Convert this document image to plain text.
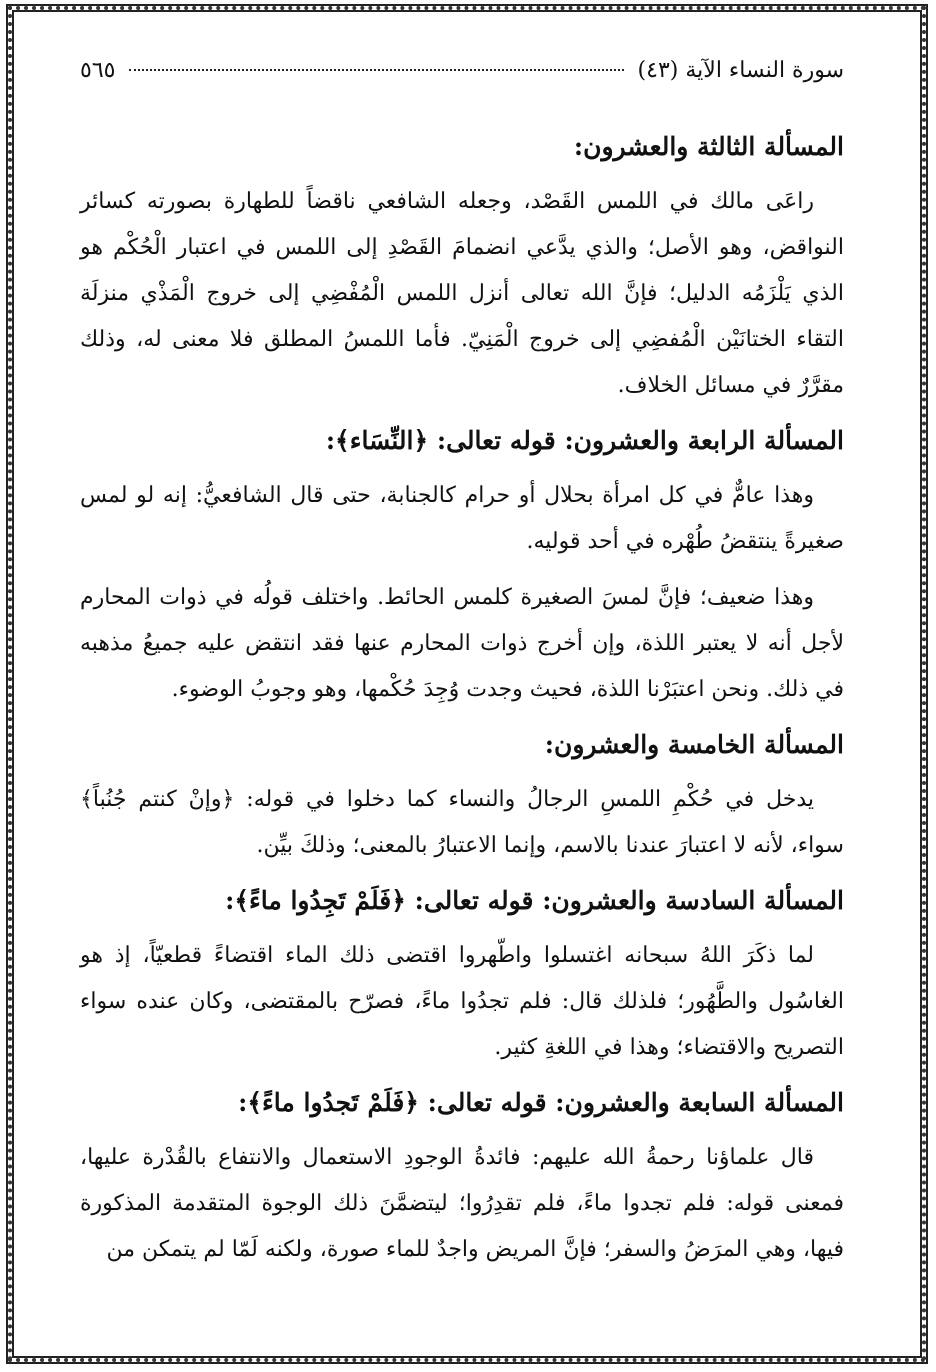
سورة النساء الآية (٤٣)
٥٦٥
المسألة الثالثة والعشرون:

راعَى مالك في اللمس القَصْد، وجعله الشافعي ناقضاً للطهارة بصورته كسائر النواقض، وهو الأصل؛ والذي يدَّعي انضمامَ القَصْدِ إلى اللمس في اعتبار الْحُكْم هو الذي يَلْزَمُه الدليل؛ فإنَّ الله تعالى أنزل اللمس الْمُفْضِي إلى خروج الْمَذْي منزلَة التقاء الختانَيْن الْمُفضِي إلى خروج الْمَنِيّ. فأما اللمسُ المطلق فلا معنى له، وذلك مقرَّرٌ في مسائل الخلاف.

المسألة الرابعة والعشرون: قوله تعالى: ﴿النِّسَاء﴾:

وهذا عامٌّ في كل امرأة بحلال أو حرام كالجنابة، حتى قال الشافعيُّ: إنه لو لمس صغيرةً ينتقضُ طُهْره في أحد قوليه.

وهذا ضعيف؛ فإنَّ لمسَ الصغيرة كلمس الحائط. واختلف قولُه في ذوات المحارم لأجل أنه لا يعتبر اللذة، وإن أخرج ذوات المحارم عنها فقد انتقض عليه جميعُ مذهبه في ذلك. ونحن اعتبَرْنا اللذة، فحيث وجدت وُجِدَ حُكْمها، وهو وجوبُ الوضوء.

المسألة الخامسة والعشرون:

يدخل في حُكْمِ اللمسِ الرجالُ والنساء كما دخلوا في قوله: ﴿وإنْ كنتم جُنُباً﴾ سواء، لأنه لا اعتبارَ عندنا بالاسم، وإنما الاعتبارُ بالمعنى؛ وذلكَ بيِّن.

المسألة السادسة والعشرون: قوله تعالى: ﴿فَلَمْ تَجِدُوا ماءً﴾:

لما ذكَرَ اللهُ سبحانه اغتسلوا واطّهروا اقتضى ذلك الماء اقتضاءً قطعيّاً، إذ هو الغاسُول والطَّهُور؛ فلذلك قال: فلم تجدُوا ماءً، فصرّح بالمقتضى، وكان عنده سواء التصريح والاقتضاء؛ وهذا في اللغةِ كثير.

المسألة السابعة والعشرون: قوله تعالى: ﴿فَلَمْ تَجدُوا ماءً﴾:

قال علماؤنا رحمةُ الله عليهم: فائدةُ الوجودِ الاستعمال والانتفاع بالقُدْرة عليها، فمعنى قوله: فلم تجدوا ماءً، فلم تقدِرُوا؛ ليتضمَّنَ ذلك الوجوة المتقدمة المذكورة فيها، وهي المرَضُ والسفر؛ فإنَّ المريض واجدٌ للماء صورة، ولكنه لَمّا لم يتمكن من
